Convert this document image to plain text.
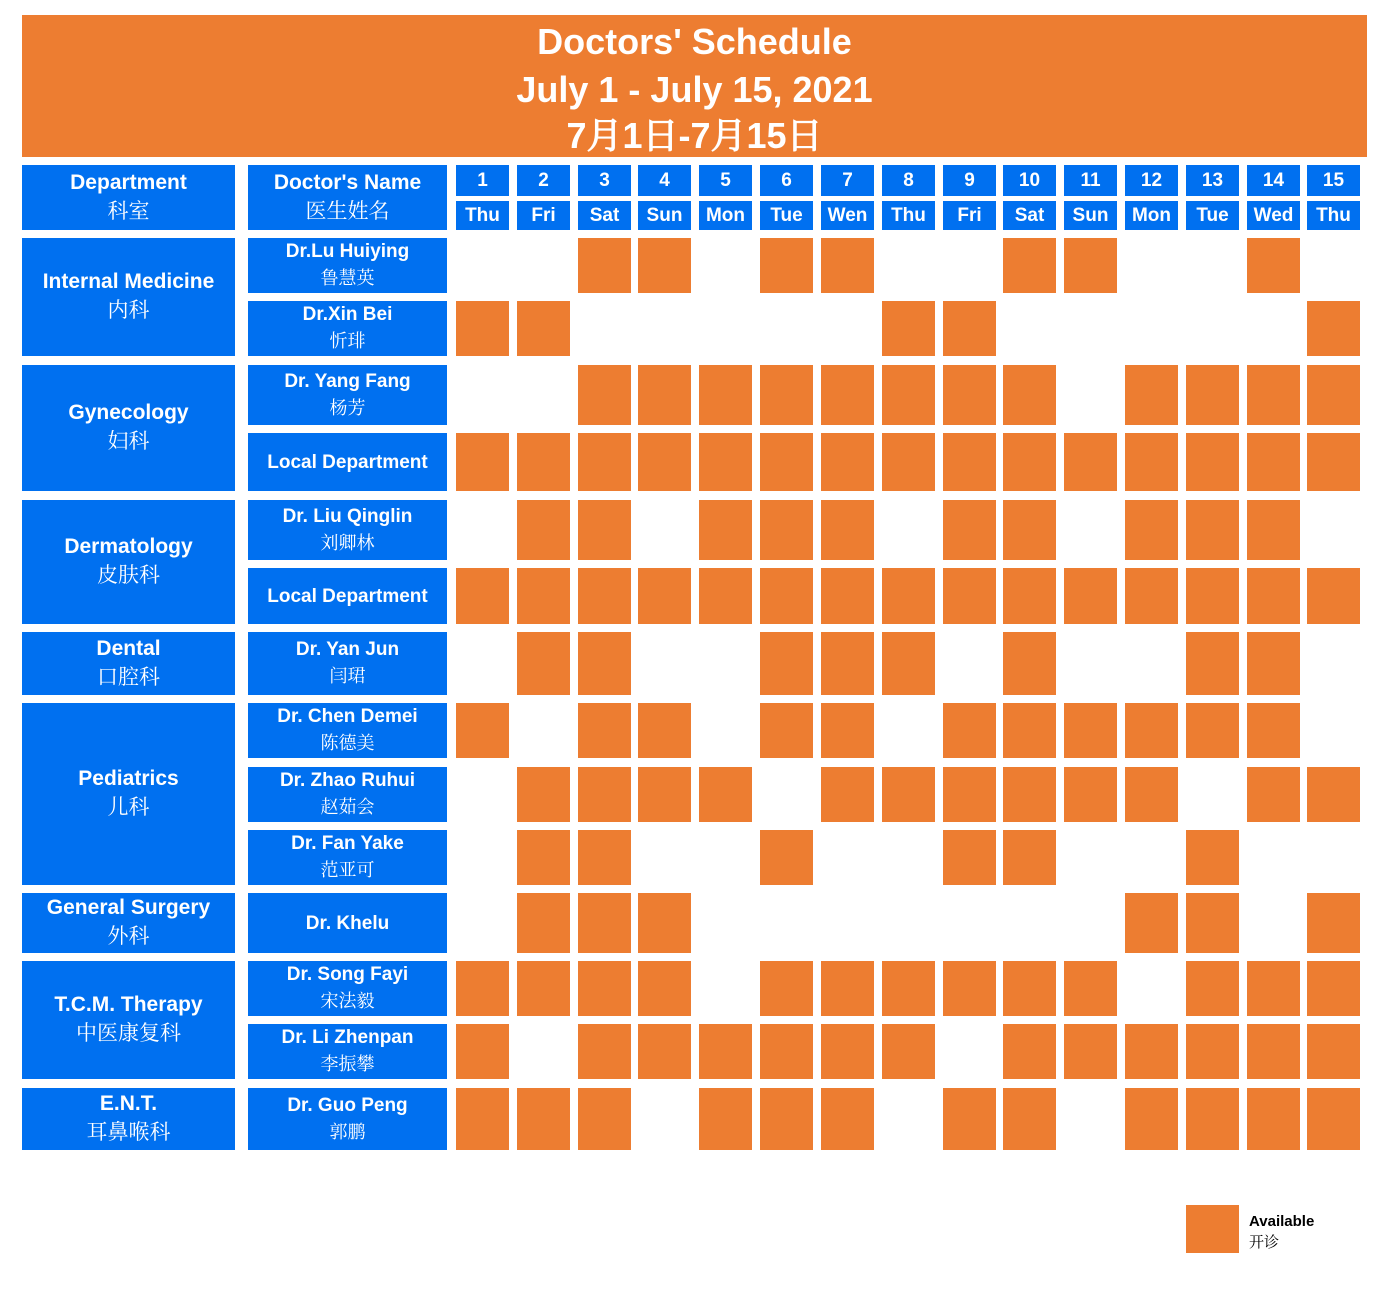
Doctors' Schedule
July 1 - July 15, 2021
7月1日-7月15日
Department
科室
Doctor's Name
医生姓名
1
Thu
2
Fri
3
Sat
4
Sun
5
Mon
6
Tue
7
Wen
8
Thu
9
Fri
10
Sat
11
Sun
12
Mon
13
Tue
14
Wed
15
Thu
Internal Medicine
内科
Gynecology
妇科
Dermatology
皮肤科
Dental
口腔科
Pediatrics
儿科
General Surgery
外科
T.C.M. Therapy
中医康复科
E.N.T.
耳鼻喉科
Dr.Lu Huiying
鲁慧英
Dr.Xin Bei
忻琲
Dr. Yang Fang
杨芳
Local Department
Dr. Liu Qinglin
刘卿林
Local Department
Dr. Yan Jun
闫珺
Dr. Chen Demei
陈德美
Dr. Zhao Ruhui
赵茹会
Dr. Fan Yake
范亚可
Dr. Khelu
Dr. Song Fayi
宋法毅
Dr. Li Zhenpan
李振攀
Dr. Guo Peng
郭鹏
Available
开诊
